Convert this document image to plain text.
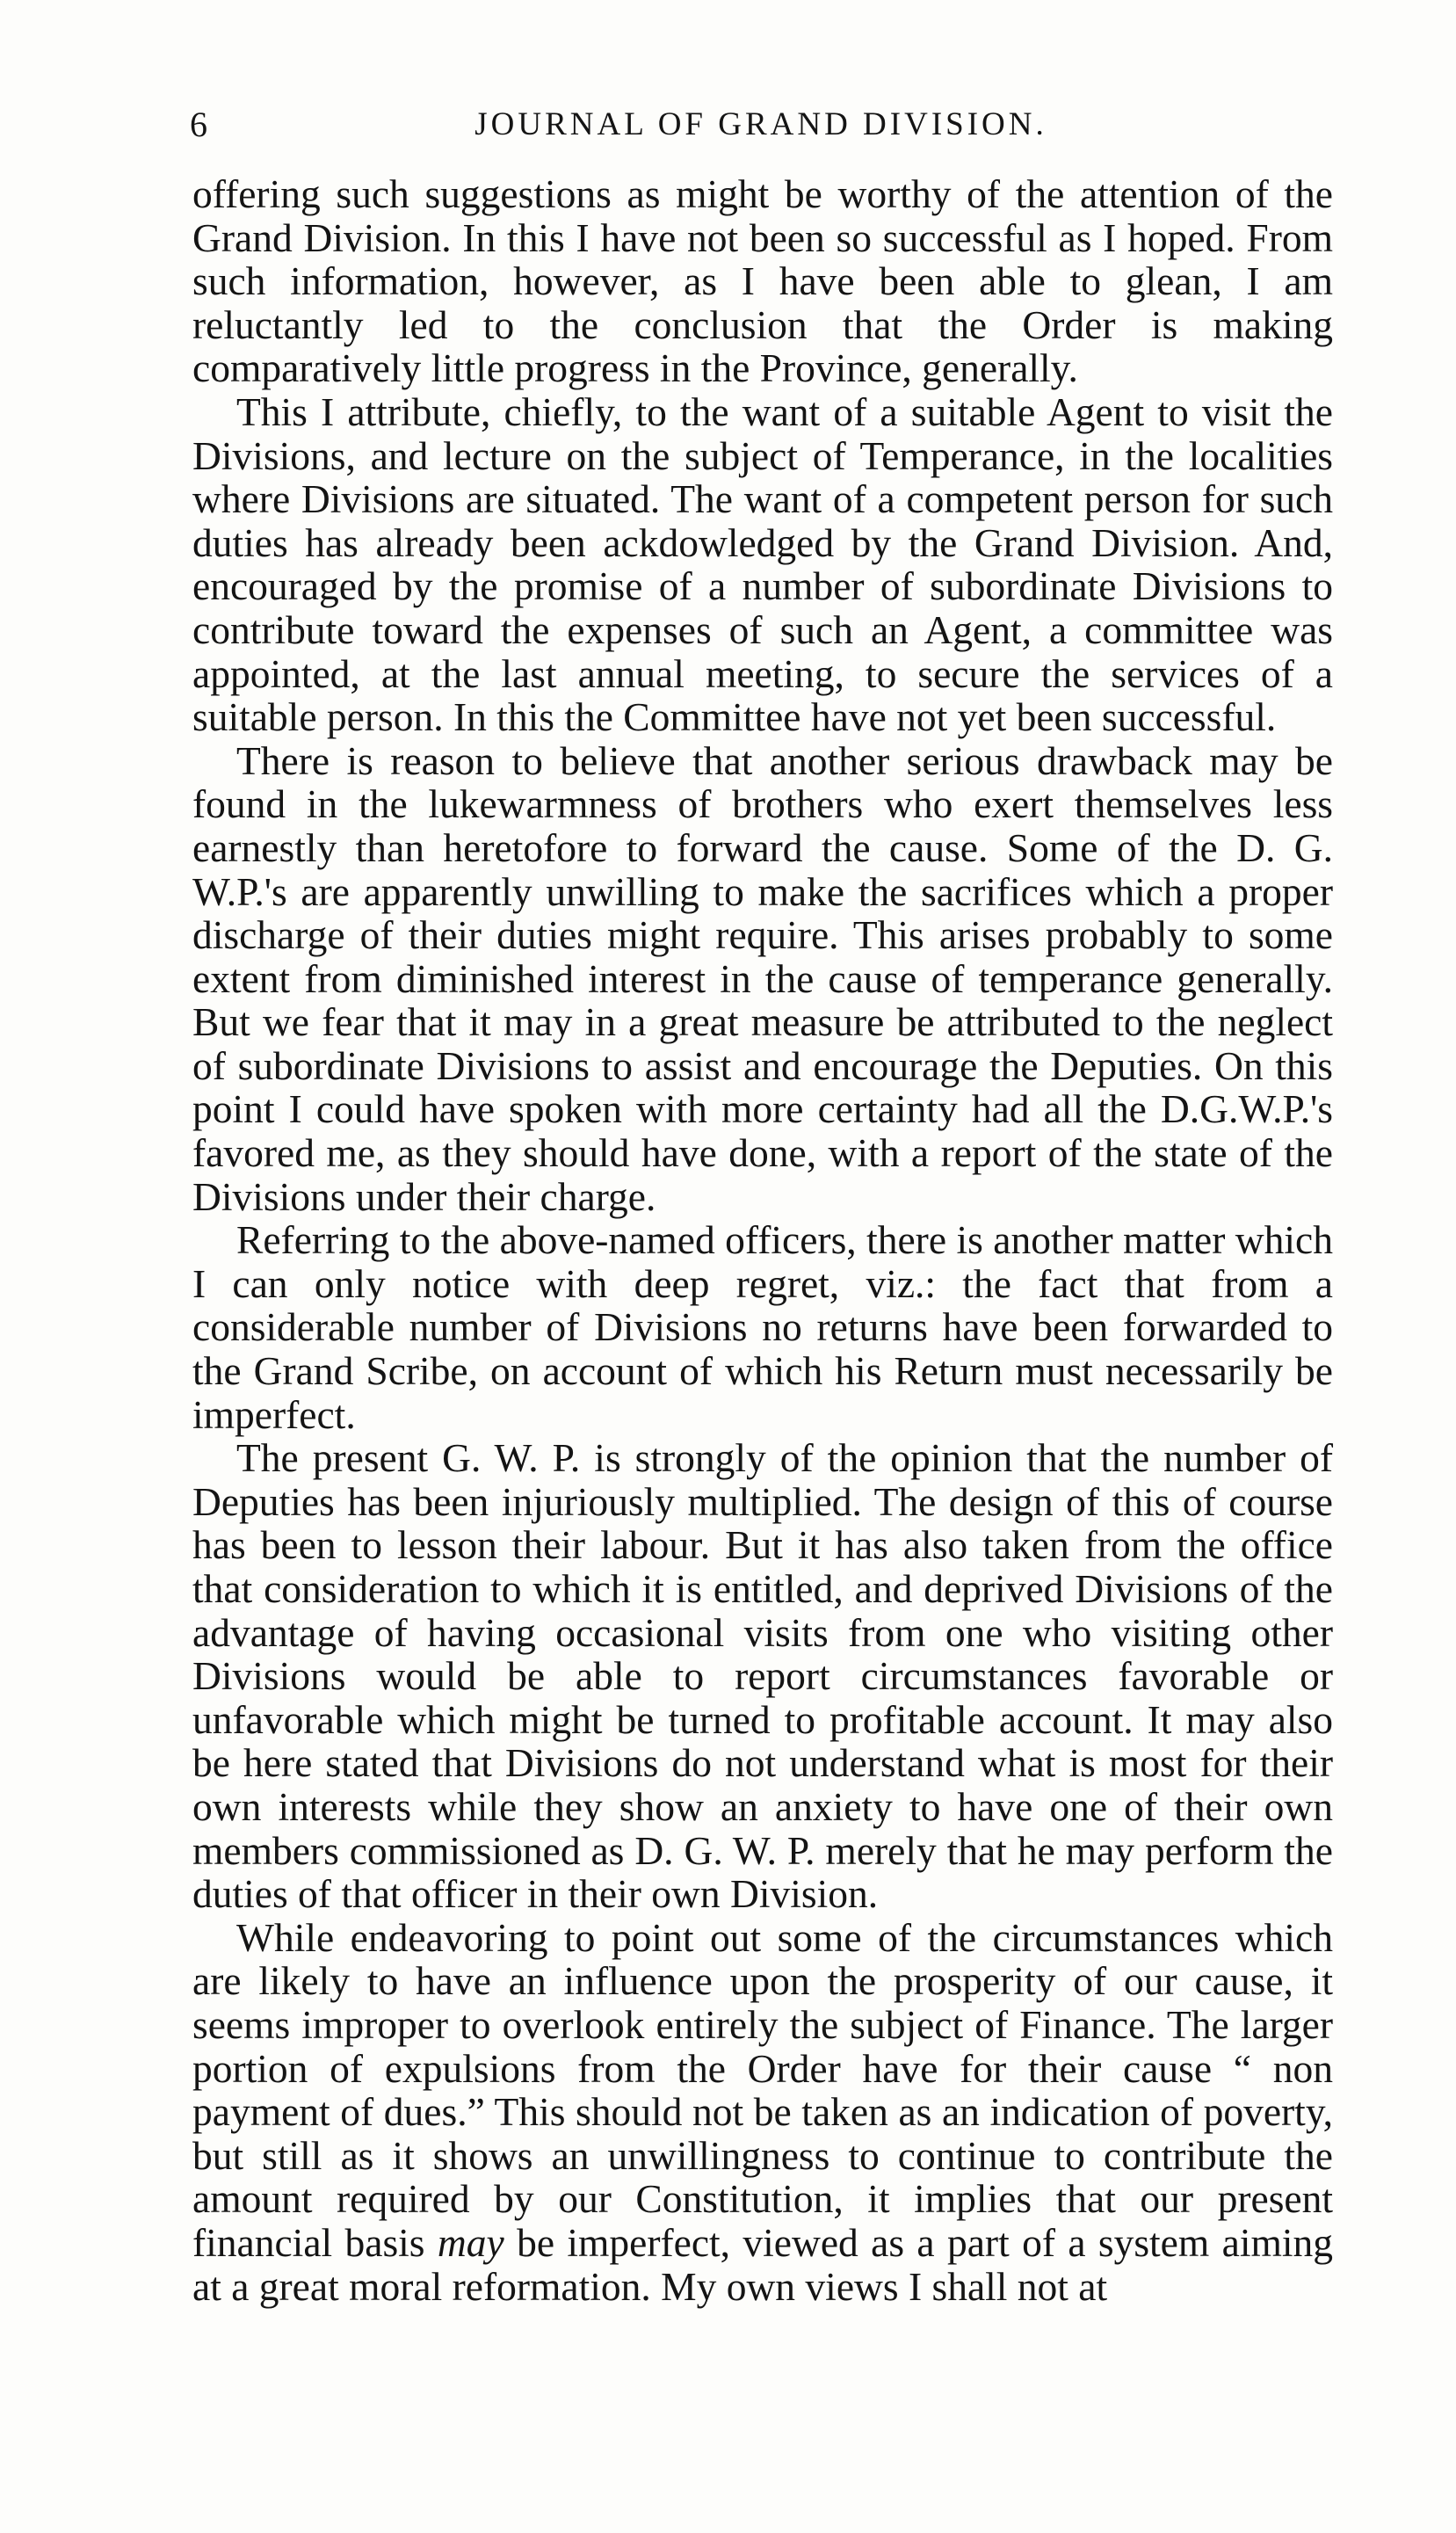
6	JOURNAL OF GRAND DIVISION.

offering such suggestions as might be worthy of the attention of the Grand Division. In this I have not been so successful as I hoped. From such information, however, as I have been able to glean, I am reluctantly led to the conclusion that the Order is making comparatively little progress in the Province, generally.

This I attribute, chiefly, to the want of a suitable Agent to visit the Divisions, and lecture on the subject of Temperance, in the localities where Divisions are situated. The want of a competent person for such duties has already been ackdowledged by the Grand Division. And, encouraged by the promise of a number of subordinate Divisions to contribute toward the expenses of such an Agent, a committee was appointed, at the last annual meeting, to secure the services of a suitable person. In this the Committee have not yet been successful.

There is reason to believe that another serious drawback may be found in the lukewarmness of brothers who exert themselves less earnestly than heretofore to forward the cause. Some of the D. G. W.P.'s are apparently unwilling to make the sacrifices which a proper discharge of their duties might require. This arises probably to some extent from diminished interest in the cause of temperance generally. But we fear that it may in a great measure be attributed to the neglect of subordinate Divisions to assist and encourage the Deputies. On this point I could have spoken with more certainty had all the D.G.W.P.'s favored me, as they should have done, with a report of the state of the Divisions under their charge.

Referring to the above-named officers, there is another matter which I can only notice with deep regret, viz.: the fact that from a considerable number of Divisions no returns have been forwarded to the Grand Scribe, on account of which his Return must necessarily be imperfect.

The present G. W. P. is strongly of the opinion that the number of Deputies has been injuriously multiplied. The design of this of course has been to lesson their labour. But it has also taken from the office that consideration to which it is entitled, and deprived Divisions of the advantage of having occasional visits from one who visiting other Divisions would be able to report circumstances favorable or unfavorable which might be turned to profitable account. It may also be here stated that Divisions do not understand what is most for their own interests while they show an anxiety to have one of their own members commissioned as D. G. W. P. merely that he may perform the duties of that officer in their own Division.

While endeavoring to point out some of the circumstances which are likely to have an influence upon the prosperity of our cause, it seems improper to overlook entirely the subject of Finance. The larger portion of expulsions from the Order have for their cause “ non payment of dues.” This should not be taken as an indication of poverty, but still as it shows an unwillingness to continue to contribute the amount required by our Constitution, it implies that our present financial basis may be imperfect, viewed as a part of a system aiming at a great moral reformation. My own views I shall not at
